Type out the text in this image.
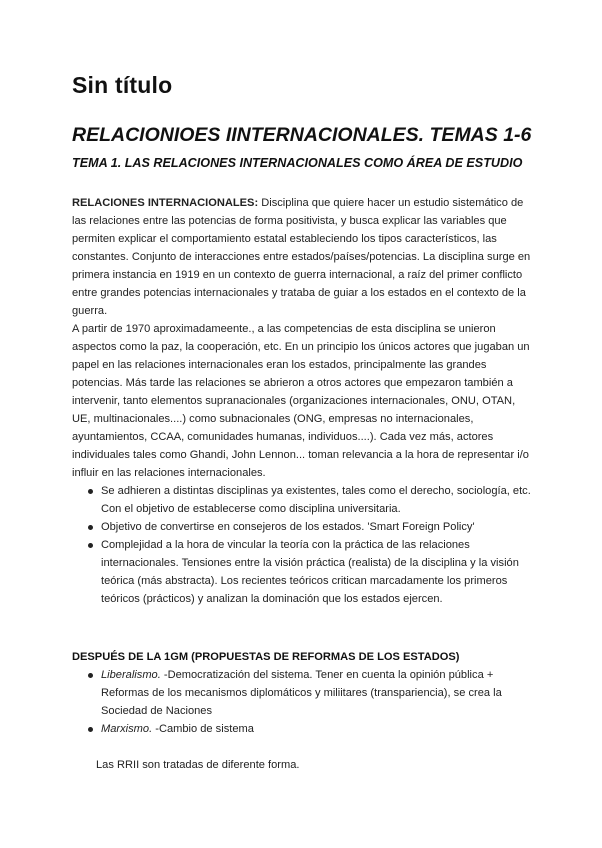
Sin título
RELACIONIOES IINTERNACIONALES. TEMAS 1-6
TEMA 1. LAS RELACIONES INTERNACIONALES COMO ÁREA DE ESTUDIO

RELACIONES INTERNACIONALES: Disciplina que quiere hacer un estudio sistemático de las relaciones entre las potencias de forma positivista, y busca explicar las variables que permiten explicar el comportamiento estatal estableciendo los tipos característicos, las constantes. Conjunto de interacciones entre estados/países/potencias. La disciplina surge en primera instancia en 1919 en un contexto de guerra internacional, a raíz del primer conflicto entre grandes potencias internacionales y trataba de guiar a los estados en el contexto de la guerra.

A partir de 1970 aproximadameente., a las competencias de esta disciplina se unieron aspectos como la paz, la cooperación, etc. En un principio los únicos actores que jugaban un papel en las relaciones internacionales eran los estados, principalmente las grandes potencias. Más tarde las relaciones se abrieron a otros actores que empezaron también a intervenir, tanto elementos supranacionales (organizaciones internacionales, ONU, OTAN, UE, multinacionales....) como subnacionales (ONG, empresas no internacionales, ayuntamientos, CCAA, comunidades humanas, individuos....). Cada vez más, actores individuales tales como Ghandi, John Lennon... toman relevancia a la hora de representar i/o influir en las relaciones internacionales.

Se adhieren a distintas disciplinas ya existentes, tales como el derecho, sociología, etc. Con el objetivo de establecerse como disciplina universitaria.
Objetivo de convertirse en consejeros de los estados. 'Smart Foreign Policy'
Complejidad a la hora de vincular la teoría con la práctica de las relaciones internacionales. Tensiones entre la visión práctica (realista) de la disciplina y la visión teórica (más abstracta). Los recientes teóricos critican marcadamente los primeros teóricos (prácticos) y analizan la dominación que los estados ejercen.
DESPUÉS DE LA 1GM (PROPUESTAS DE REFORMAS DE LOS ESTADOS)
Liberalismo. -Democratización del sistema. Tener en cuenta la opinión pública + Reformas de los mecanismos diplomáticos y miliitares (transpariencia), se crea la Sociedad de Naciones
Marxismo. -Cambio de sistema

Las RRII son tratadas de diferente forma.
